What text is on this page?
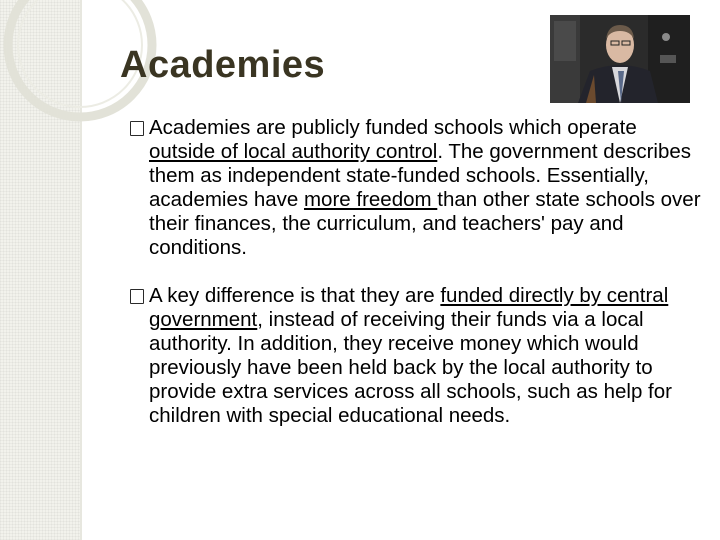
Academies

Academies are publicly funded schools which operate outside of local authority control. The government describes them as independent state-funded schools. Essentially, academies have more freedom than other state schools over their finances, the curriculum, and teachers' pay and conditions.

A key difference is that they are funded directly by central government, instead of receiving their funds via a local authority. In addition, they receive money which would previously have been held back by the local authority to provide extra services across all schools, such as help for children with special educational needs.
